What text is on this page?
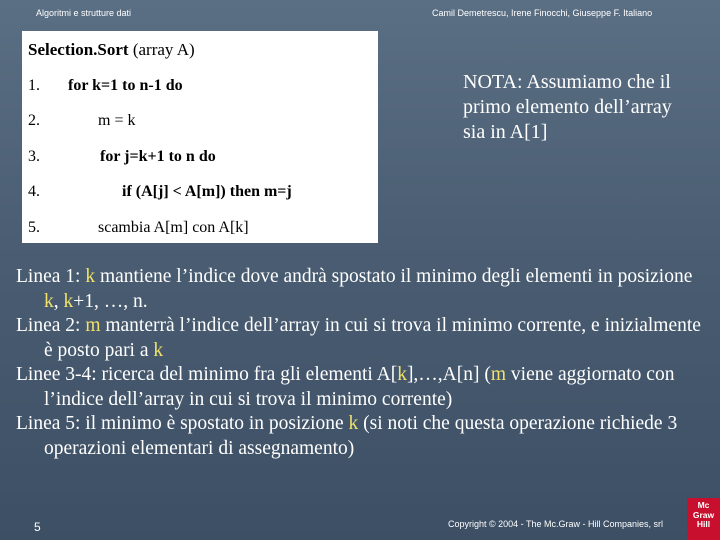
Algoritmi e strutture dati	Camil Demetrescu, Irene Finocchi, Giuseppe F. Italiano
Selection.Sort (array A)
1. for k=1 to n-1 do
2.	m = k
3.	for j=k+1 to n do
4.	if (A[j] < A[m]) then m=j
5.	scambia A[m] con A[k]
NOTA: Assumiamo che il primo elemento dell’array sia in A[1]

Linea 1: k mantiene l’indice dove andrà spostato il minimo degli elementi in posizione k, k+1, …, n.

Linea 2: m manterrà l’indice dell’array in cui si trova il minimo corrente, e inizialmente è posto pari a k

Linee 3-4: ricerca del minimo fra gli elementi A[k],…,A[n] (m viene aggiornato con l’indice dell’array in cui si trova il minimo corrente)

Linea 5: il minimo è spostato in posizione k (si noti che questa operazione richiede 3 operazioni elementari di assegnamento)

5	Copyright © 2004 - The Mc.Graw - Hill Companies, srl
Mc
Graw
Hill
